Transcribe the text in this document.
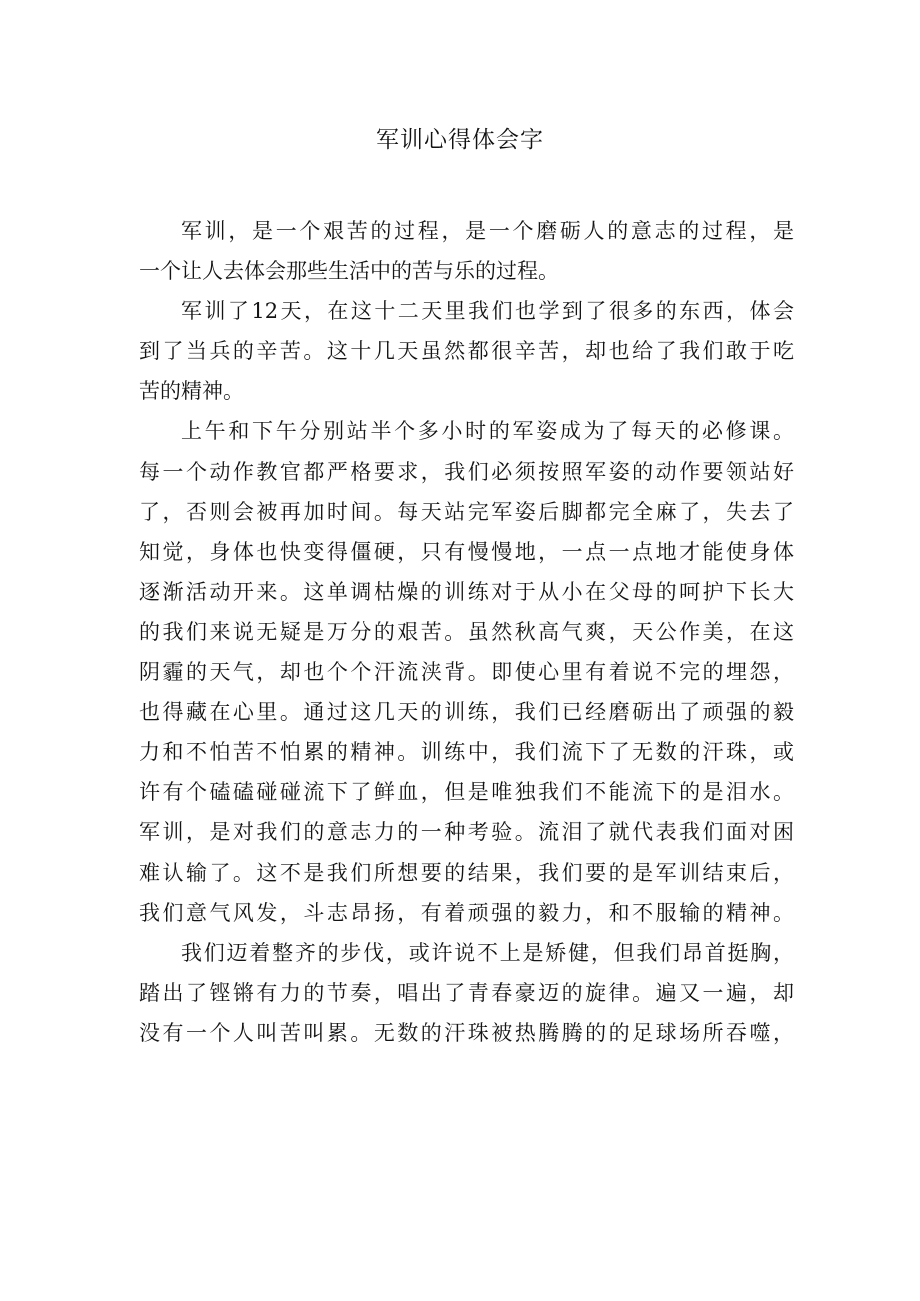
军训心得体会字
军训，是一个艰苦的过程，是一个磨砺人的意志的过程，是
一个让人去体会那些生活中的苦与乐的过程。
军训了12天，在这十二天里我们也学到了很多的东西，体会
到了当兵的辛苦。这十几天虽然都很辛苦，却也给了我们敢于吃
苦的精神。
上午和下午分别站半个多小时的军姿成为了每天的必修课。
每一个动作教官都严格要求，我们必须按照军姿的动作要领站好
了，否则会被再加时间。每天站完军姿后脚都完全麻了，失去了
知觉，身体也快变得僵硬，只有慢慢地，一点一点地才能使身体
逐渐活动开来。这单调枯燥的训练对于从小在父母的呵护下长大
的我们来说无疑是万分的艰苦。虽然秋高气爽，天公作美，在这
阴霾的天气，却也个个汗流浃背。即使心里有着说不完的埋怨，
也得藏在心里。通过这几天的训练，我们已经磨砺出了顽强的毅
力和不怕苦不怕累的精神。训练中，我们流下了无数的汗珠，或
许有个磕磕碰碰流下了鲜血，但是唯独我们不能流下的是泪水。
军训，是对我们的意志力的一种考验。流泪了就代表我们面对困
难认输了。这不是我们所想要的结果，我们要的是军训结束后，
我们意气风发，斗志昂扬，有着顽强的毅力，和不服输的精神。
我们迈着整齐的步伐，或许说不上是矫健，但我们昂首挺胸，
踏出了铿锵有力的节奏，唱出了青春豪迈的旋律。遍又一遍，却
没有一个人叫苦叫累。无数的汗珠被热腾腾的的足球场所吞噬，
